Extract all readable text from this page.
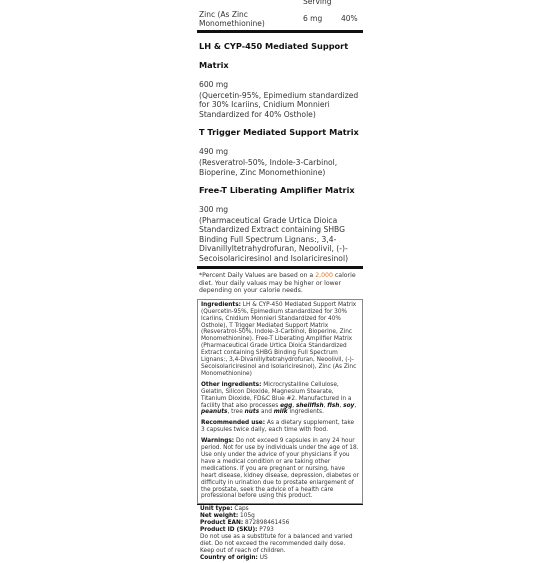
Serving
Zinc (As Zinc Monomethionine)
6 mg	40%
LH & CYP-450 Mediated Support Matrix
600 mg
(Quercetin-95%, Epimedium standardized for 30% Icariins, Cnidium Monnieri Standardized for 40% Osthole)
T Trigger Mediated Support Matrix 490 mg
(Resveratrol-50%, Indole-3-Carbinol, Bioperine, Zinc Monomethionine)
Free-T Liberating Amplifier Matrix 300 mg
(Pharmaceutical Grade Urtica Dioica Standardized Extract containing SHBG Binding Full Spectrum Lignans:, 3,4-Divanillyltetrahydrofuran, Neoolivil, (-)-Secoisolariciresinol and Isolariciresinol)
*Percent Daily Values are based on a 2,000 calorie diet. Your daily values may be higher or lower depending on your calorie needs.

Ingredients: LH & CYP-450 Mediated Support Matrix (Quercetin-95%, Epimedium standardized for 30% Icariins, Cnidium Monnieri Standardized for 40% Osthole), T Trigger Mediated Support Matrix (Resveratrol-50%, Indole-3-Carbinol, Bioperine, Zinc Monomethionine). Free-T Liberating Amplifier Matrix (Pharmaceutical Grade Urtica Dioica Standardized Extract containing SHBG Binding Full Spectrum Lignans:, 3,4-Divanillyltetrahydrofuran, Neoolivil, (-)-Secoisolariciresinol and Isolariciresinol), Zinc (As Zinc Monomethionine)

Other ingredients: Microcrystalline Cellulose, Gelatin, Silicon Dioxide, Magnesium Stearate, Titanium Dioxide, FD&C Blue #2. Manufactured in a facility that also processes egg, shellfish, fish, soy, peanuts, tree nuts and milk ingredients.

Recommended use: As a dietary supplement, take 3 capsules twice daily, each time with food.

Warnings: Do not exceed 9 capsules in any 24 hour period. Not for use by individuals under the age of 18. Use only under the advice of your physicians if you have a medical condition or are taking other medications. If you are pregnant or nursing, have heart disease, kidney disease, depression, diabetes or difficulty in urination due to prostate enlargement of the prostate, seek the advice of a health care professional before using this product.

Unit type: Caps
Net weight: 105g
Product EAN: 872898461456
Product ID (SKU): P793
Do not use as a substitute for a balanced and varied diet. Do not exceed the recommended daily dose. Keep out of reach of children.
Country of origin: US
